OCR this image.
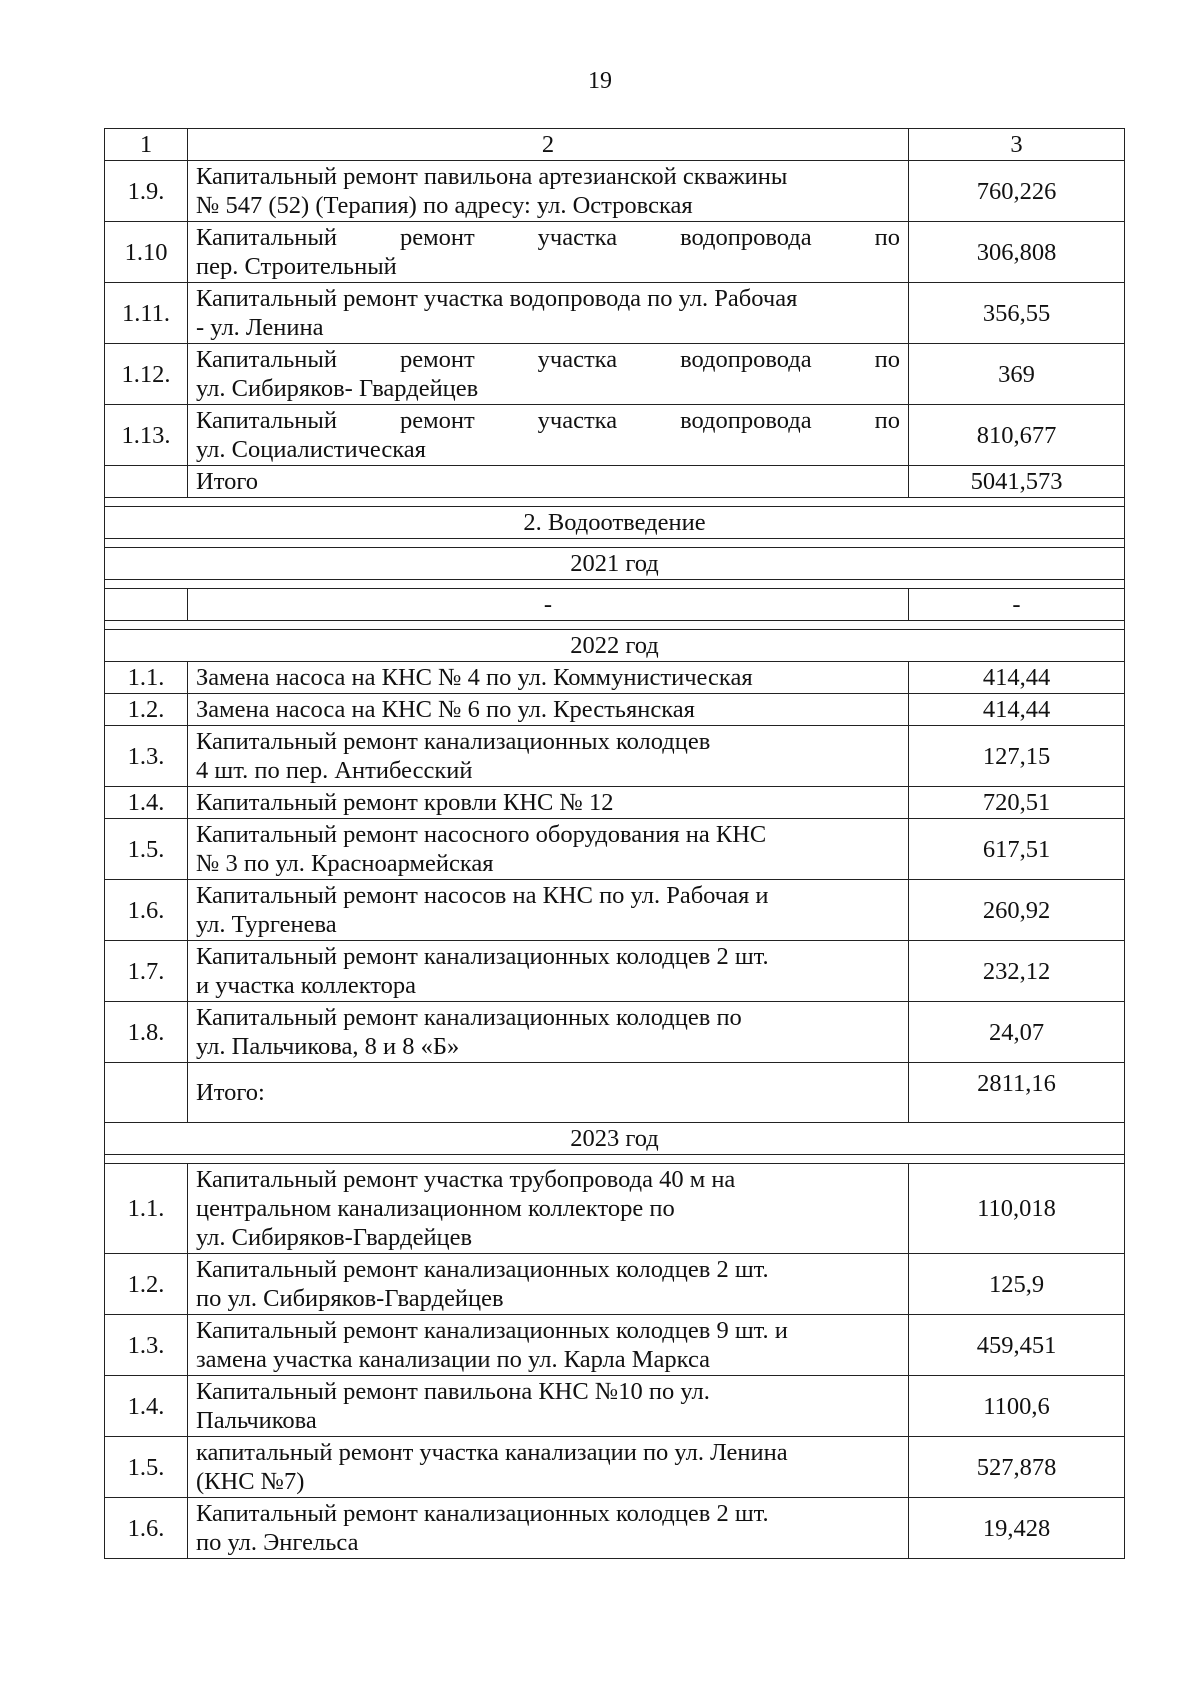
19
1	2	3
1.9.	Капитальный ремонт павильона артезианской скважины
№ 547 (52) (Терапия) по адресу: ул. Островская	760,226
1.10	Капитальный ремонт участка водопровода по
пер. Строительный	306,808
1.11.	Капитальный ремонт участка водопровода по ул. Рабочая
- ул. Ленина	356,55
1.12.	Капитальный ремонт участка водопровода по
ул. Сибиряков- Гвардейцев	369
1.13.	Капитальный ремонт участка водопровода по
ул. Социалистическая	810,677
	Итого	5041,573

2. Водоотведение		

2021 год		

	-	-

2022 год		
1.1.	Замена насоса на КНС № 4 по ул. Коммунистическая	414,44
1.2.	Замена насоса на КНС № 6 по ул. Крестьянская	414,44
1.3.	Капитальный ремонт канализационных колодцев
4 шт. по пер. Антибесский	127,15
1.4.	Капитальный ремонт кровли КНС № 12	720,51
1.5.	Капитальный ремонт насосного оборудования на КНС
№ 3 по ул. Красноармейская	617,51
1.6.	Капитальный ремонт насосов на КНС по ул. Рабочая и
ул. Тургенева	260,92
1.7.	Капитальный ремонт канализационных колодцев 2 шт.
и участка коллектора	232,12
1.8.	Капитальный ремонт канализационных колодцев по
ул. Пальчикова, 8 и 8 «Б»	24,07
	Итого:	2811,16
2023 год		

1.1.	Капитальный ремонт участка трубопровода 40 м на
центральном канализационном коллекторе по
ул. Сибиряков-Гвардейцев	110,018
1.2.	Капитальный ремонт канализационных колодцев 2 шт.
по ул. Сибиряков-Гвардейцев	125,9
1.3.	Капитальный ремонт канализационных колодцев 9 шт. и
замена участка канализации по ул. Карла Маркса	459,451
1.4.	Капитальный ремонт павильона КНС №10 по ул.
Пальчикова	1100,6
1.5.	капитальный ремонт участка канализации по ул. Ленина
(КНС №7)	527,878
1.6.	Капитальный ремонт канализационных колодцев 2 шт.
по ул. Энгельса	19,428
